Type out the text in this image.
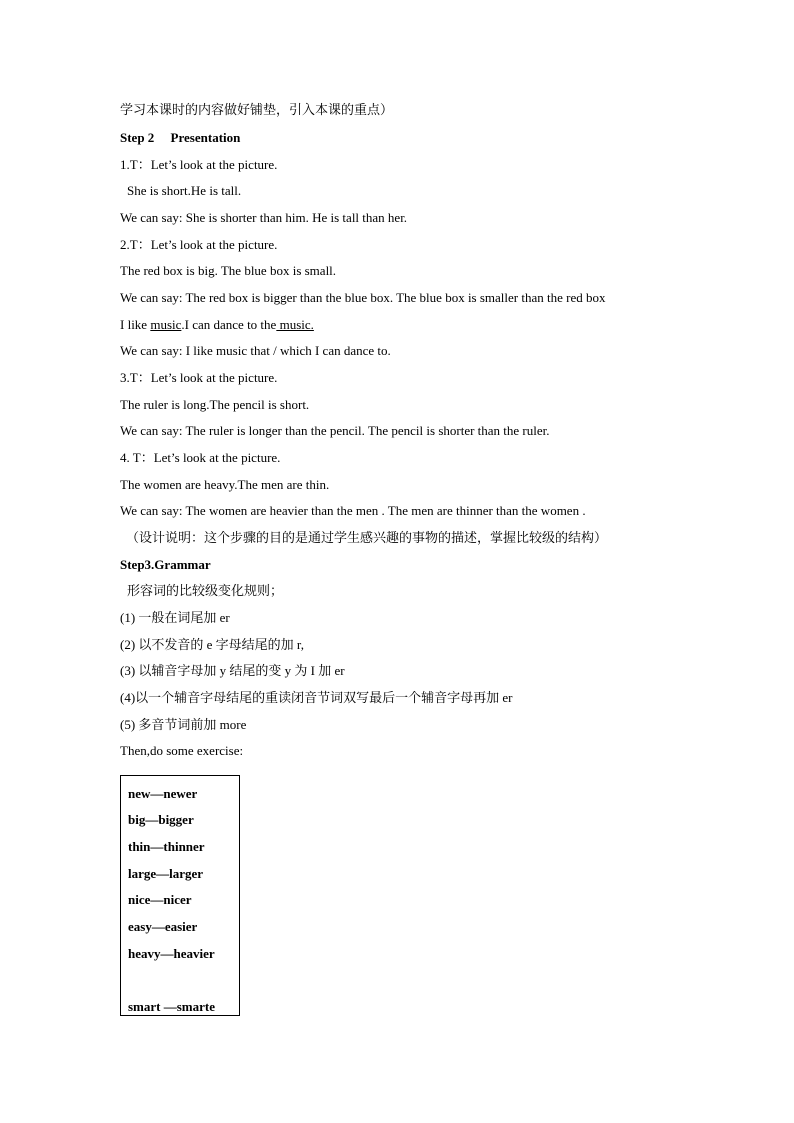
学习本课时的内容做好铺垫，引入本课的重点）

Step 2　 Presentation

1.T：Let’s look at the picture.

She is short.He is tall.

We can say: She is shorter than him. He is tall than her.

2.T：Let’s look at the picture.

The red box is big. The blue box is small.

We can say: The red box is bigger than the blue box. The blue box is smaller than the red box

I like music.I can dance to the music.

We can say: I like music that / which I can dance to.

3.T：Let’s look at the picture.

The ruler is long.The pencil is short.

We can say: The ruler is longer than the pencil. The pencil is shorter than the ruler.

4. T：Let’s look at the picture.

The women are heavy.The men are thin.

We can say: The women are heavier than the men . The men are thinner than the women .

（设计说明：这个步骤的目的是通过学生感兴趣的事物的描述，掌握比较级的结构）

Step3.Grammar

形容词的比较级变化规则；

(1) 一般在词尾加 er

(2) 以不发音的 e 字母结尾的加 r,

(3) 以辅音字母加 y 结尾的变 y 为 I 加 er

(4)以一个辅音字母结尾的重读闭音节词双写最后一个辅音字母再加 er

(5) 多音节词前加 more

Then,do some exercise:

new—newer

big—bigger

thin—thinner

large—larger

nice—nicer

easy—easier

heavy—heavier

smart —smarte
